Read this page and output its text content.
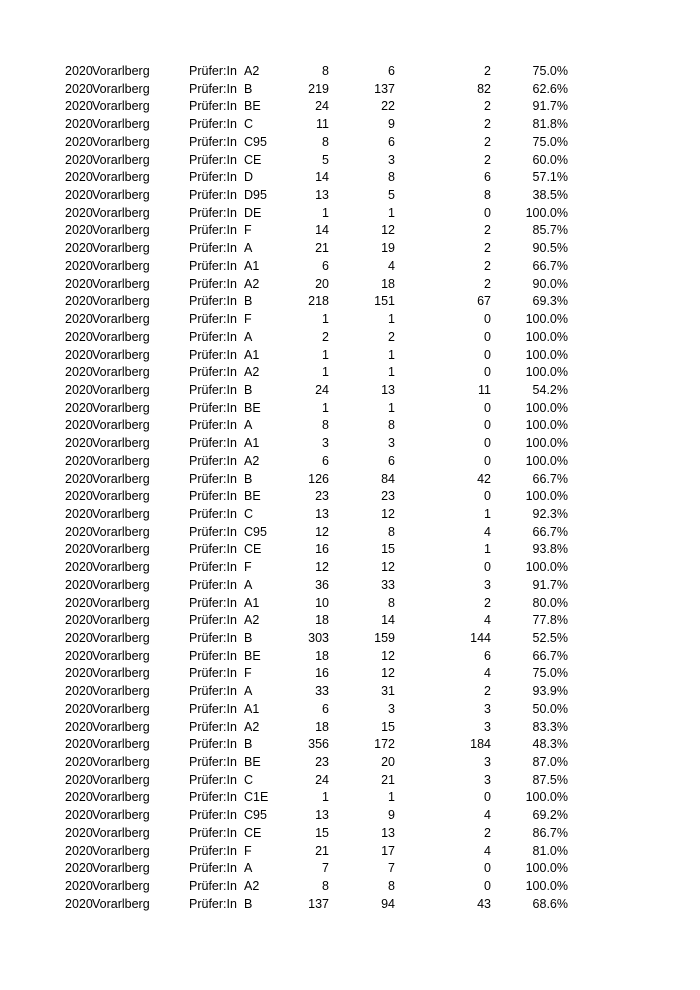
2020 Vorarlberg	Prüfer:In A2	8	6	2	75.0%
2020 Vorarlberg	Prüfer:In B	219	137	82	62.6%
2020 Vorarlberg	Prüfer:In BE	24	22	2	91.7%
2020 Vorarlberg	Prüfer:In C	11	9	2	81.8%
2020 Vorarlberg	Prüfer:In C95	8	6	2	75.0%
2020 Vorarlberg	Prüfer:In CE	5	3	2	60.0%
2020 Vorarlberg	Prüfer:In D	14	8	6	57.1%
2020 Vorarlberg	Prüfer:In D95	13	5	8	38.5%
2020 Vorarlberg	Prüfer:In DE	1	1	0	100.0%
2020 Vorarlberg	Prüfer:In F	14	12	2	85.7%
2020 Vorarlberg	Prüfer:In A	21	19	2	90.5%
2020 Vorarlberg	Prüfer:In A1	6	4	2	66.7%
2020 Vorarlberg	Prüfer:In A2	20	18	2	90.0%
2020 Vorarlberg	Prüfer:In B	218	151	67	69.3%
2020 Vorarlberg	Prüfer:In F	1	1	0	100.0%
2020 Vorarlberg	Prüfer:In A	2	2	0	100.0%
2020 Vorarlberg	Prüfer:In A1	1	1	0	100.0%
2020 Vorarlberg	Prüfer:In A2	1	1	0	100.0%
2020 Vorarlberg	Prüfer:In B	24	13	11	54.2%
2020 Vorarlberg	Prüfer:In BE	1	1	0	100.0%
2020 Vorarlberg	Prüfer:In A	8	8	0	100.0%
2020 Vorarlberg	Prüfer:In A1	3	3	0	100.0%
2020 Vorarlberg	Prüfer:In A2	6	6	0	100.0%
2020 Vorarlberg	Prüfer:In B	126	84	42	66.7%
2020 Vorarlberg	Prüfer:In BE	23	23	0	100.0%
2020 Vorarlberg	Prüfer:In C	13	12	1	92.3%
2020 Vorarlberg	Prüfer:In C95	12	8	4	66.7%
2020 Vorarlberg	Prüfer:In CE	16	15	1	93.8%
2020 Vorarlberg	Prüfer:In F	12	12	0	100.0%
2020 Vorarlberg	Prüfer:In A	36	33	3	91.7%
2020 Vorarlberg	Prüfer:In A1	10	8	2	80.0%
2020 Vorarlberg	Prüfer:In A2	18	14	4	77.8%
2020 Vorarlberg	Prüfer:In B	303	159	144	52.5%
2020 Vorarlberg	Prüfer:In BE	18	12	6	66.7%
2020 Vorarlberg	Prüfer:In F	16	12	4	75.0%
2020 Vorarlberg	Prüfer:In A	33	31	2	93.9%
2020 Vorarlberg	Prüfer:In A1	6	3	3	50.0%
2020 Vorarlberg	Prüfer:In A2	18	15	3	83.3%
2020 Vorarlberg	Prüfer:In B	356	172	184	48.3%
2020 Vorarlberg	Prüfer:In BE	23	20	3	87.0%
2020 Vorarlberg	Prüfer:In C	24	21	3	87.5%
2020 Vorarlberg	Prüfer:In C1E	1	1	0	100.0%
2020 Vorarlberg	Prüfer:In C95	13	9	4	69.2%
2020 Vorarlberg	Prüfer:In CE	15	13	2	86.7%
2020 Vorarlberg	Prüfer:In F	21	17	4	81.0%
2020 Vorarlberg	Prüfer:In A	7	7	0	100.0%
2020 Vorarlberg	Prüfer:In A2	8	8	0	100.0%
2020 Vorarlberg	Prüfer:In B	137	94	43	68.6%
